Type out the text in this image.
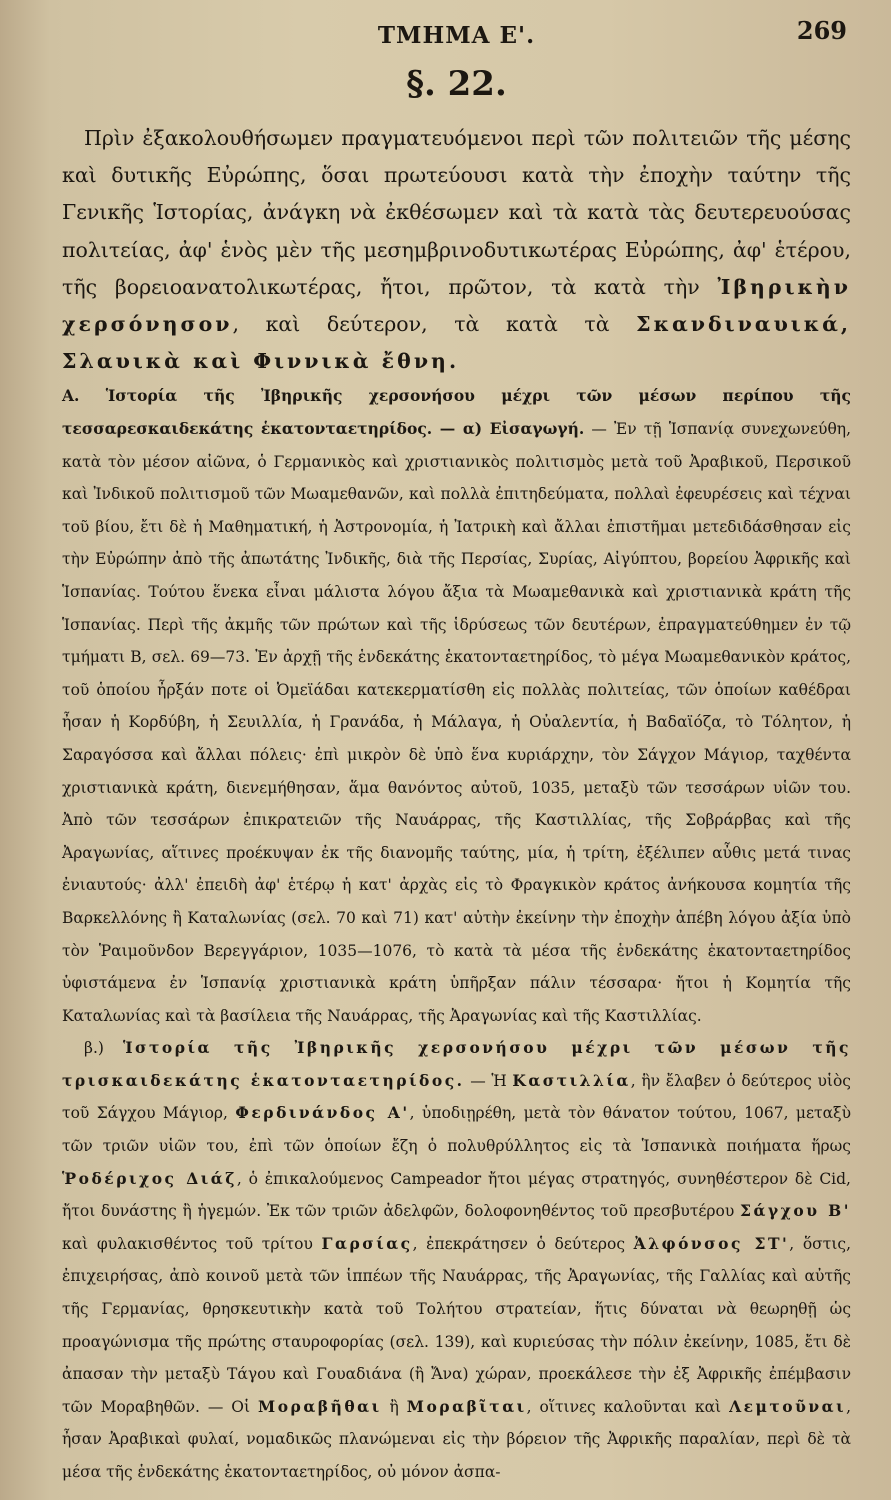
ΤΜΗΜΑ Ε'.	269
§. 22.

Πρὶν ἐξακολουθήσωμεν πραγματευόμενοι περὶ τῶν πολιτειῶν τῆς μέσης καὶ δυτικῆς Εὐρώπης, ὅσαι πρωτεύουσι κατὰ τὴν ἐποχὴν ταύτην τῆς Γενικῆς Ἱστορίας, ἀνάγκη νὰ ἐκθέσωμεν καὶ τὰ κατὰ τὰς δευτερευούσας πολιτείας, ἀφ' ἑνὸς μὲν τῆς μεσημβρινοδυτικωτέρας Εὐρώπης, ἀφ' ἑτέρου, τῆς βορειοανατολικωτέρας, ἤτοι, πρῶτον, τὰ κατὰ τὴν Ἰβηρικὴν χερσόνησον, καὶ δεύτερον, τὰ κατὰ τὰ Σκανδιναυικά, Σλαυικὰ καὶ Φιννικὰ ἔθνη.

Α. Ἱστορία τῆς Ἰβηρικῆς χερσονήσου μέχρι τῶν μέσων περίπου τῆς τεσσαρεσκαιδεκάτης ἑκατονταετηρίδος. — α) Εἰσαγωγή. — Ἐν τῇ Ἱσπανίᾳ συνεχωνεύθη, κατὰ τὸν μέσον αἰῶνα, ὁ Γερμανικὸς καὶ χριστιανικὸς πολιτισμὸς μετὰ τοῦ Ἀραβικοῦ, Περσικοῦ καὶ Ἰνδικοῦ πολιτισμοῦ τῶν Μωαμεθανῶν, καὶ πολλὰ ἐπιτηδεύματα, πολλαὶ ἐφευρέσεις καὶ τέχναι τοῦ βίου, ἔτι δὲ ἡ Μαθηματική, ἡ Ἀστρονομία, ἡ Ἰατρικὴ καὶ ἄλλαι ἐπιστῆμαι μετεδιδάσθησαν εἰς τὴν Εὐρώπην ἀπὸ τῆς ἀπωτάτης Ἰνδικῆς, διὰ τῆς Περσίας, Συρίας, Αἰγύπτου, βορείου Ἀφρικῆς καὶ Ἱσπανίας. Τούτου ἕνεκα εἶναι μάλιστα λόγου ἄξια τὰ Μωαμεθανικὰ καὶ χριστιανικὰ κράτη τῆς Ἱσπανίας. Περὶ τῆς ἀκμῆς τῶν πρώτων καὶ τῆς ἱδρύσεως τῶν δευτέρων, ἐπραγματεύθημεν ἐν τῷ τμήματι Β, σελ. 69—73. Ἐν ἀρχῇ τῆς ἑνδεκάτης ἑκατονταετηρίδος, τὸ μέγα Μωαμεθανικὸν κράτος, τοῦ ὁποίου ἦρξάν ποτε οἱ Ὀμεϊάδαι κατεκερματίσθη εἰς πολλὰς πολιτείας, τῶν ὁποίων καθέδραι ἦσαν ἡ Κορδύβη, ἡ Σευιλλία, ἡ Γρανάδα, ἡ Μάλαγα, ἡ Οὐαλεντία, ἡ Βαδαϊόζα, τὸ Τόλητον, ἡ Σαραγόσσα καὶ ἄλλαι πόλεις· ἐπὶ μικρὸν δὲ ὑπὸ ἕνα κυριάρχην, τὸν Σάγχον Μάγιορ, ταχθέντα χριστιανικὰ κράτη, διενεμήθησαν, ἅμα θανόντος αὐτοῦ, 1035, μεταξὺ τῶν τεσσάρων υἱῶν του. Ἀπὸ τῶν τεσσάρων ἐπικρατειῶν τῆς Ναυάρρας, τῆς Καστιλλίας, τῆς Σοβράρβας καὶ τῆς Ἀραγωνίας, αἵτινες προέκυψαν ἐκ τῆς διανομῆς ταύτης, μία, ἡ τρίτη, ἐξέλιπεν αὖθις μετά τινας ἐνιαυτούς· ἀλλ' ἐπειδὴ ἀφ' ἑτέρῳ ἡ κατ' ἀρχὰς εἰς τὸ Φραγκικὸν κράτος ἀνήκουσα κομητία τῆς Βαρκελλόνης ἢ Καταλωνίας (σελ. 70 καὶ 71) κατ' αὐτὴν ἐκείνην τὴν ἐποχὴν ἀπέβη λόγου ἀξία ὑπὸ τὸν Ῥαιμοῦνδον Βερεγγάριον, 1035—1076, τὸ κατὰ τὰ μέσα τῆς ἑνδεκάτης ἑκατονταετηρίδος ὑφιστάμενα ἐν Ἱσπανίᾳ χριστιανικὰ κράτη ὑπῆρξαν πάλιν τέσσαρα· ἤτοι ἡ Κομητία τῆς Καταλωνίας καὶ τὰ βασίλεια τῆς Ναυάρρας, τῆς Ἀραγωνίας καὶ τῆς Καστιλλίας.

β.) Ἱστορία τῆς Ἰβηρικῆς χερσονήσου μέχρι τῶν μέσων τῆς τρισκαιδεκάτης ἑκατονταετηρίδος. — Ἡ Καστιλλία, ἣν ἔλαβεν ὁ δεύτερος υἱὸς τοῦ Σάγχου Μάγιορ, Φερδινάνδος Α', ὑποδιῃρέθη, μετὰ τὸν θάνατον τούτου, 1067, μεταξὺ τῶν τριῶν υἱῶν του, ἐπὶ τῶν ὁποίων ἔζη ὁ πολυθρύλλητος εἰς τὰ Ἱσπανικὰ ποιήματα ἥρως Ῥοδέριχος Διάζ, ὁ ἐπικαλούμενος Campeador ἤτοι μέγας στρατηγός, συνηθέστερον δὲ Cid, ἤτοι δυνάστης ἢ ἡγεμών. Ἐκ τῶν τριῶν ἀδελφῶν, δολοφονηθέντος τοῦ πρεσβυτέρου Σάγχου Β' καὶ φυλακισθέντος τοῦ τρίτου Γαρσίας, ἐπεκράτησεν ὁ δεύτερος Ἀλφόνσος ΣΤ', ὅστις, ἐπιχειρήσας, ἀπὸ κοινοῦ μετὰ τῶν ἱππέων τῆς Ναυάρρας, τῆς Ἀραγωνίας, τῆς Γαλλίας καὶ αὐτῆς τῆς Γερμανίας, θρησκευτικὴν κατὰ τοῦ Τολήτου στρατείαν, ἥτις δύναται νὰ θεωρηθῇ ὡς προαγώνισμα τῆς πρώτης σταυροφορίας (σελ. 139), καὶ κυριεύσας τὴν πόλιν ἐκείνην, 1085, ἔτι δὲ ἀπασαν τὴν μεταξὺ Τάγου καὶ Γουαδιάνα (ἢ Ἄνα) χώραν, προεκάλεσε τὴν ἐξ Ἀφρικῆς ἐπέμβασιν τῶν Μοραβηθῶν. — Οἱ Μοραβῆθαι ἢ Μοραβῖται, οἵτινες καλοῦνται καὶ Λεμτοῦναι, ἦσαν Ἀραβικαὶ φυλαί, νομαδικῶς πλανώμεναι εἰς τὴν βόρειον τῆς Ἀφρικῆς παραλίαν, περὶ δὲ τὰ μέσα τῆς ἑνδεκάτης ἑκατονταετηρίδος, οὐ μόνον ἀσπα-
